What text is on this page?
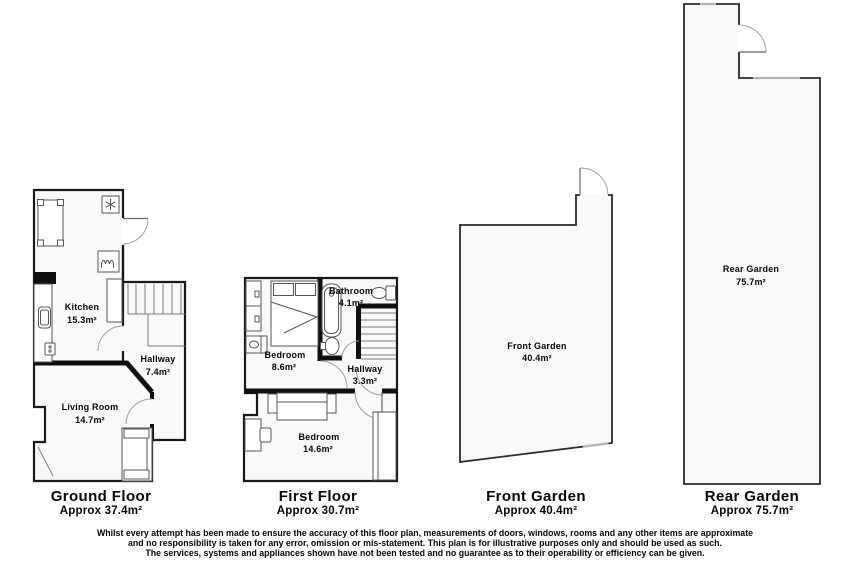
Kitchen
15.3m²
Hallway
7.4m²
Living Room
14.7m²
Bathroom
4.1m²
Bedroom
8.6m²	Hallway
3.3m²
Bedroom
14.6m²
Front Garden
40.4m²
Rear Garden
75.7m²
Ground Floor
Approx 37.4m²
First Floor
Approx 30.7m²
Front Garden
Approx 40.4m²
Rear Garden
Approx 75.7m²
Whilst every attempt has been made to ensure the accuracy of this floor plan, measurements of doors, windows, rooms and any other items are approximate
and no responsibility is taken for any error, omission or mis-statement. This plan is for illustrative purposes only and should be used as such.
The services, systems and appliances shown have not been tested and no guarantee as to their operability or efficiency can be given.
